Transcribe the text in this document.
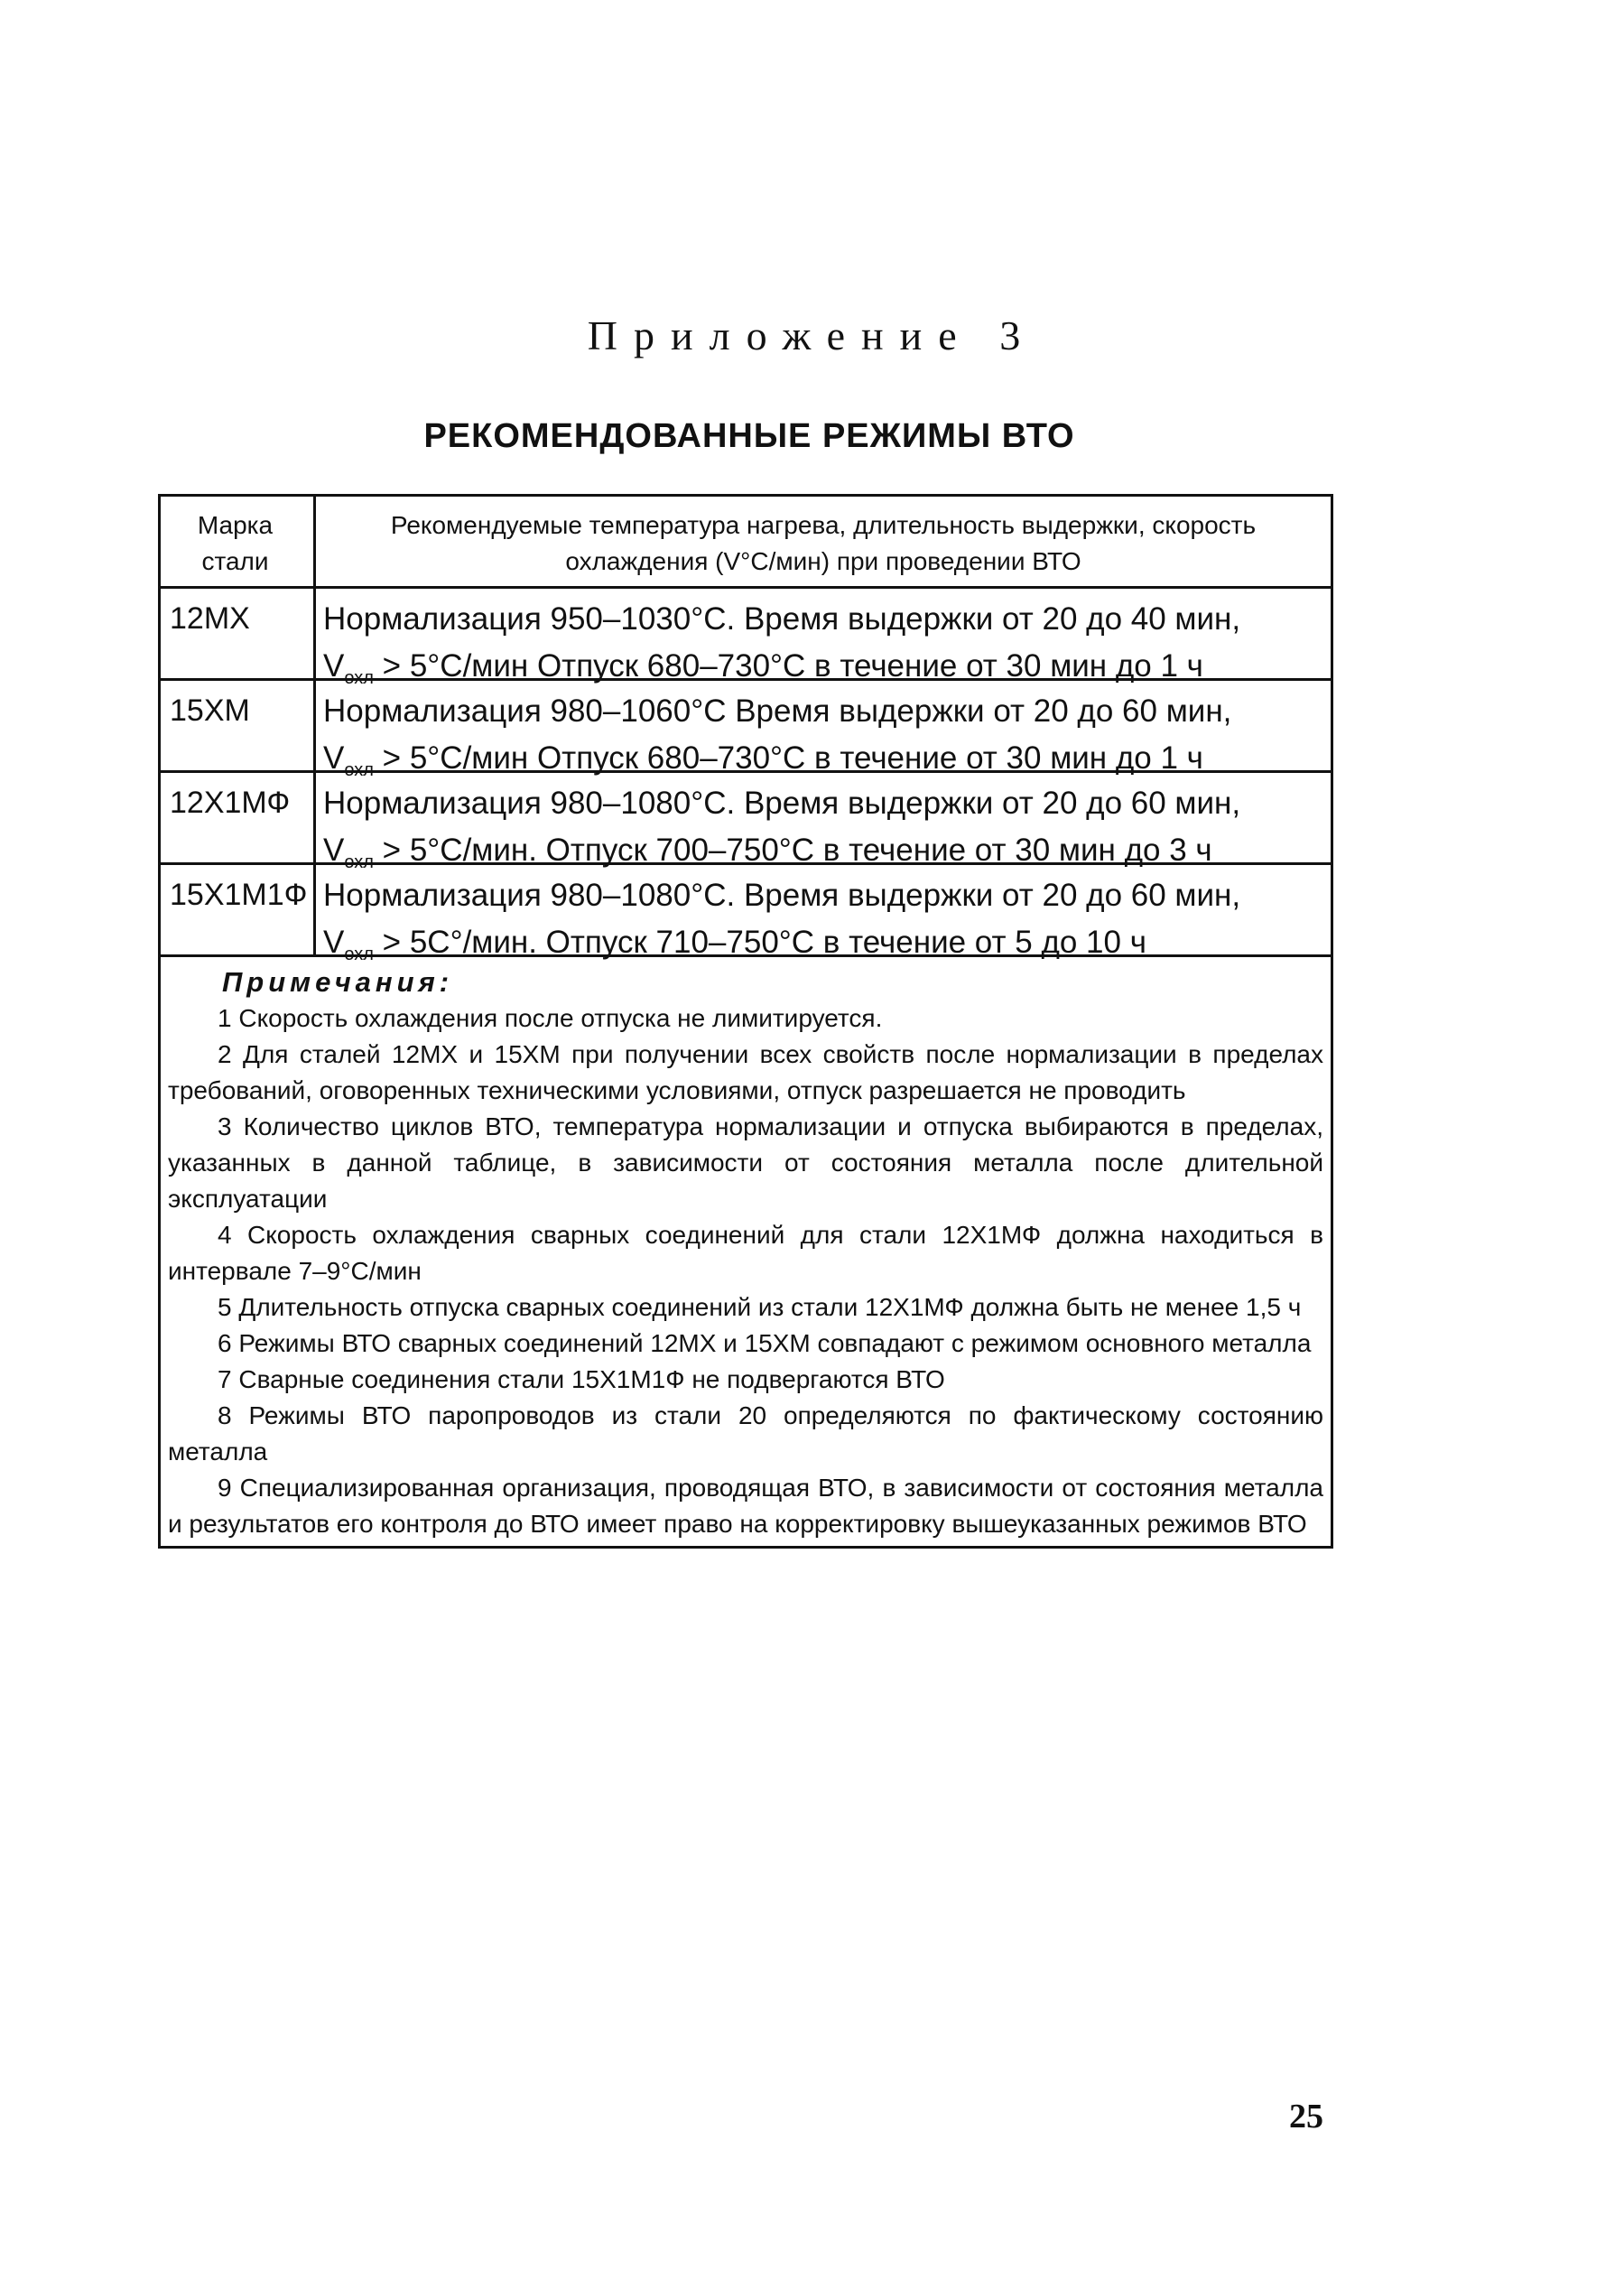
Приложение 3
РЕКОМЕНДОВАННЫЕ РЕЖИМЫ ВТО
Марка стали
Рекомендуемые температура нагрева, длительность выдержки, скорость охлаждения (V°С/мин) при проведении ВТО
12МХ	Нормализация 950–1030°С. Время выдержки от 20 до 40 мин,
$V_{охл} > 5^\circ С/мин$ Отпуск 680–730°С в течение от 30 мин до 1 ч
15ХМ	Нормализация 980–1060°С Время выдержки от 20 до 60 мин,
$V_{охл} > 5^\circ С/мин$ Отпуск 680–730°С в течение от 30 мин до 1 ч
12Х1МФ	Нормализация 980–1080°С. Время выдержки от 20 до 60 мин,
$V_{охл} > 5^\circ С/мин$. Отпуск 700–750°С в течение от 30 мин до 3 ч
15Х1М1Ф Нормализация 980–1080°С. Время выдержки от 20 до 60 мин,
$V_{охл} > 5С^\circ/мин$. Отпуск 710–750°С в течение от 5 до 10 ч
Примечания:
1 Скорость охлаждения после отпуска не лимитируется.
2 Для сталей 12МХ и 15ХМ при получении всех свойств после нормализации в пределах требований, оговоренных техническими условиями, отпуск разрешается не проводить
3 Количество циклов ВТО, температура нормализации и отпуска выбираются в пределах, указанных в данной таблице, в зависимости от состояния металла после длительной эксплуатации
4 Скорость охлаждения сварных соединений для стали 12Х1МФ должна находиться в интервале 7–9°С/мин
5 Длительность отпуска сварных соединений из стали 12Х1МФ должна быть не менее 1,5 ч
6 Режимы ВТО сварных соединений 12МХ и 15ХМ совпадают с режимом основного металла
7 Сварные соединения стали 15Х1М1Ф не подвергаются ВТО
8 Режимы ВТО паропроводов из стали 20 определяются по фактическому состоянию металла
9 Специализированная организация, проводящая ВТО, в зависимости от состояния металла и результатов его контроля до ВТО имеет право на корректировку вышеуказанных режимов ВТО
25
